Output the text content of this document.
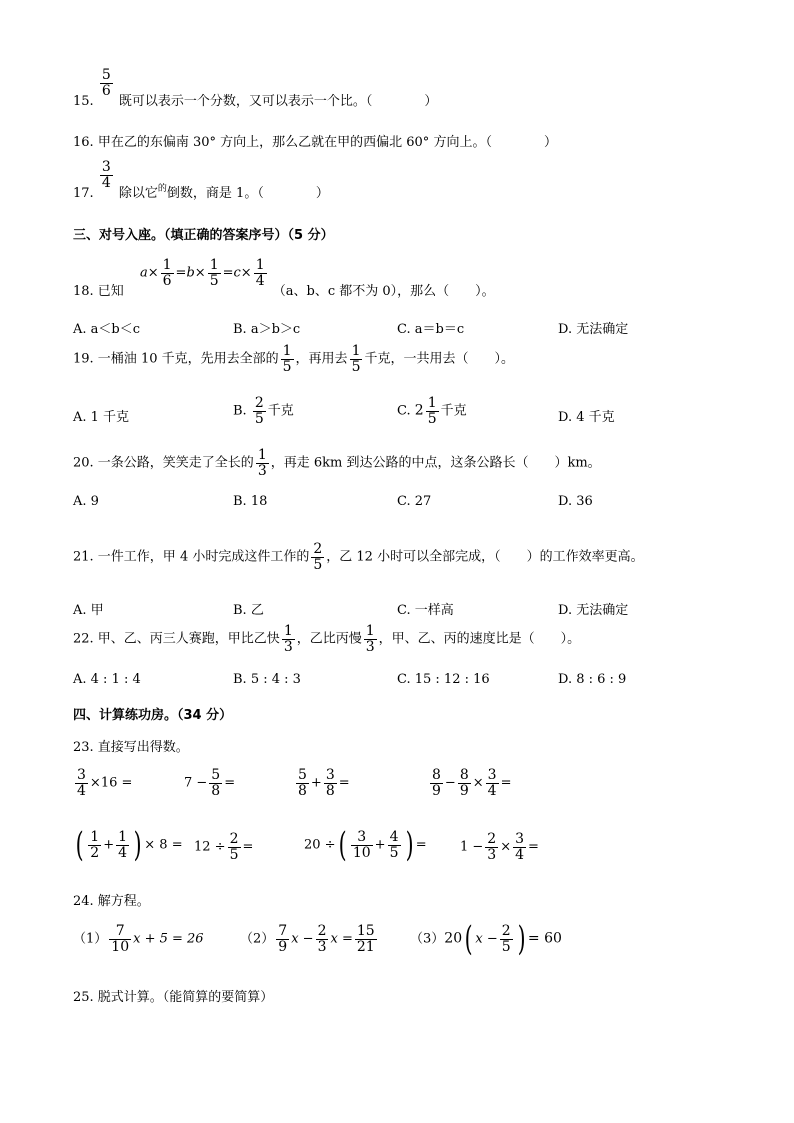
15.
$\frac{5}{6}$
既可以表示一个分数，又可以表示一个比。（　　　　）
16. 甲在乙的东偏南 30° 方向上，那么乙就在甲的西偏北 60° 方向上。（　　　　）
17.
$\frac{3}{4}$
除以它$^的$倒数，商是 1。（　　　　）
三、对号入座。（填正确的答案序号）（5 分）
18. 已知 $a\times \frac{1}{6} =b\times \frac{1}{5} =c\times \frac{1}{4}$
（a、b、c 都不为 0），那么（　　）。
A. a＜b＜c	B. a＞b＞c	C. a＝b＝c	D. 无法确定
19. 一桶油 10 千克，先用去全部的 $\frac{1}{5}$ ，再用去 $\frac{1}{5}$ 千克，一共用去（　　）。
A. 1 千克	B. $\frac{2}{5}$ 千克	C. $2 \frac{1}{5}$ 千克	D. 4 千克
20. 一条公路，笑笑走了全长的 $\frac{1}{3}$ ，再走 6km 到达公路的中点，这条公路长（　　）km。
A. 9	B. 18	C. 27	D. 36
21. 一件工作，甲 4 小时完成这件工作的 $\frac{2}{5}$ ，乙 12 小时可以全部完成，（　　）的工作效率更高。
A. 甲	B. 乙	C. 一样高	D. 无法确定
22. 甲、乙、丙三人赛跑，甲比乙快 $\frac{1}{3}$ ，乙比丙慢 $\frac{1}{3}$ ，甲、乙、丙的速度比是（　　）。
A. 4 : 1 : 4	B. 5 : 4 : 3	C. 15 : 12 : 16	D. 8 : 6 : 9
四、计算练功房。（34 分）
23. 直接写出得数。
$\frac{3}{4} \times 16$ =	$7 - \frac{5}{8}$ =	$\frac{5}{8} + \frac{3}{8}$ =	$\frac{8}{9} - \frac{8}{9} \times \frac{3}{4}$ =
( $\frac{1}{2} + \frac{1}{4}$ ) × $8 = 12 \div \frac{2}{5}$ =	20 ÷( $\frac{3}{10} + \frac{4}{5}$ ) =	$1 - \frac{2}{3} \times \frac{3}{4}$ =
24. 解方程。
$(1) \frac{7}{10}$ x + 5 = 26	$(2) \frac{7}{9}$ $x - \frac{2}{3}$ $x = \frac{15}{21}$	（3）20( $x - \frac{2}{5}$ ) = 60
25. 脱式计算。（能简算的要简算）
